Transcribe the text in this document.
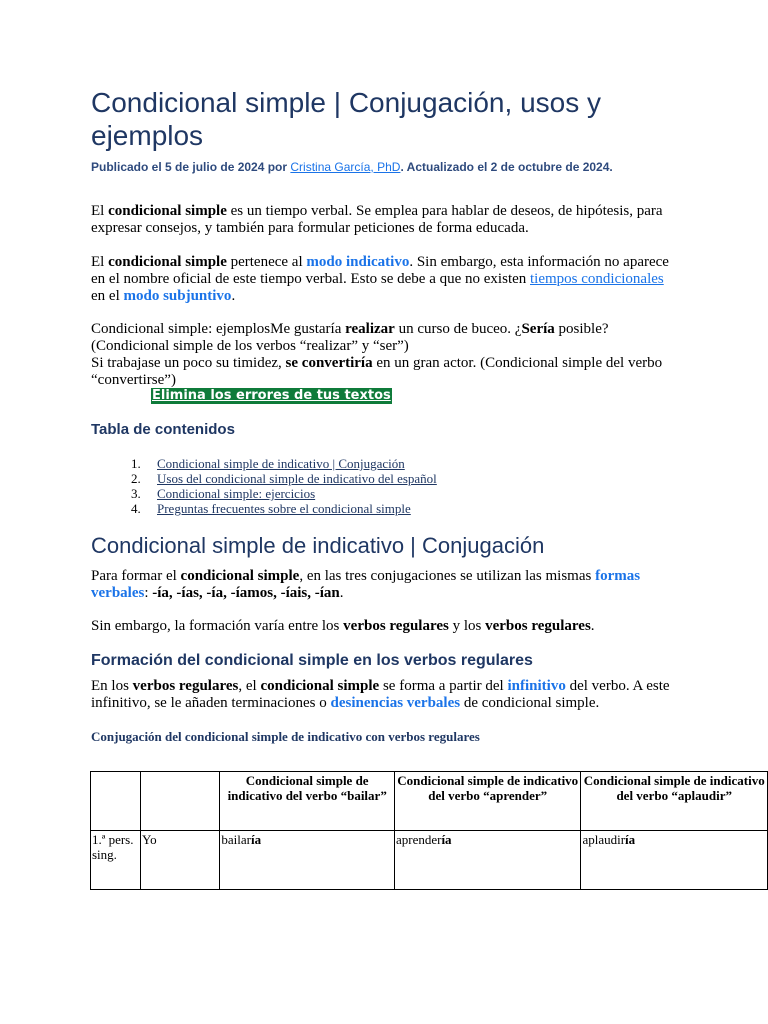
Condicional simple | Conjugación, usos y ejemplos
Publicado el 5 de julio de 2024 por Cristina García, PhD. Actualizado el 2 de octubre de 2024.
El condicional simple es un tiempo verbal. Se emplea para hablar de deseos, de hipótesis, para expresar consejos, y también para formular peticiones de forma educada.
El condicional simple pertenece al modo indicativo. Sin embargo, esta información no aparece en el nombre oficial de este tiempo verbal. Esto se debe a que no existen tiempos condicionales en el modo subjuntivo.
Condicional simple: ejemplosMe gustaría realizar un curso de buceo. ¿Sería posible? (Condicional simple de los verbos “realizar” y “ser”)
Si trabajase un poco su timidez, se convertiría en un gran actor. (Condicional simple del verbo “convertirse”)
Condicional simple de indicativo | Conjugación
Tabla de contenidos
1.	Condicional simple de indicativo | Conjugación
2.	Usos del condicional simple de indicativo del español
3.	Condicional simple: ejercicios
4.	Preguntas frecuentes sobre el condicional simple
Para formar el condicional simple, en las tres conjugaciones se utilizan las mismas formas verbales: -ía, -ías, -ía, -íamos, -íais, -ían.
Sin embargo, la formación varía entre los verbos regulares y los verbos regulares.
Formación del condicional simple en los verbos regulares
En los verbos regulares, el condicional simple se forma a partir del infinitivo del verbo. A este infinitivo, se le añaden terminaciones o desinencias verbales de condicional simple.
Conjugación del condicional simple de indicativo con verbos regulares
Elimina los errores de tus textos
		Condicional simple de indicativo del verbo “bailar”	Condicional simple de indicativo del verbo “aprender”	Condicional simple de indicativo del verbo “aplaudir”
1.ª pers. sing.	Yo	bailaría	aprendería	aplaudiría
